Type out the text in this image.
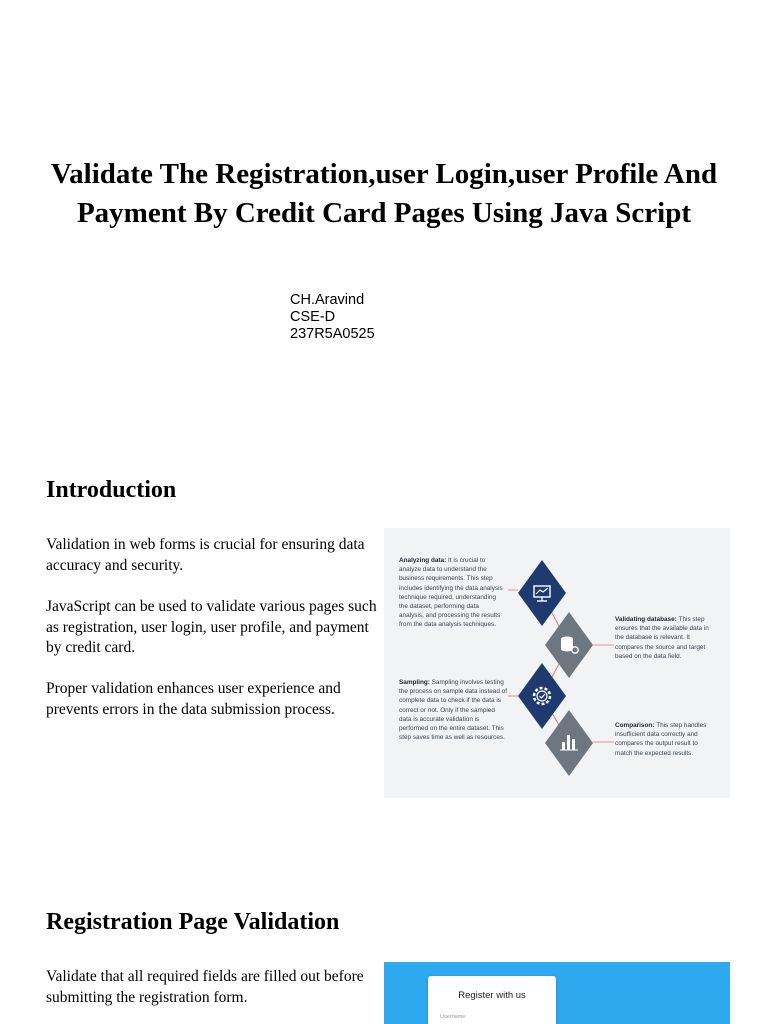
Validate The Registration,user Login,user Profile And Payment By Credit Card Pages Using Java Script
CH.Aravind
CSE-D
237R5A0525
Introduction
Validation in web forms is crucial for ensuring data accuracy and security.
JavaScript can be used to validate various pages such as registration, user login, user profile, and payment by credit card.
Proper validation enhances user experience and prevents errors in the data submission process.
Analyzing data: It is crucial to analyze data to understand the business requirements. This step includes identifying the data analysis technique required, understanding the dataset, performing data analysis, and processing the results from the data analysis techniques.
Validating database: This step ensures that the available data in the database is relevant. It compares the source and target based on the data field.
Sampling: Sampling involves testing the process on sample data instead of complete data to check if the data is correct or not. Only if the sampled data is accurate validation is performed on the entire dataset. This step saves time as well as resources.
Comparison: This step handles insufficient data correctly and compares the output result to match the expected results.
Registration Page Validation
Validate that all required fields are filled out before submitting the registration form.	Register with us
Username
